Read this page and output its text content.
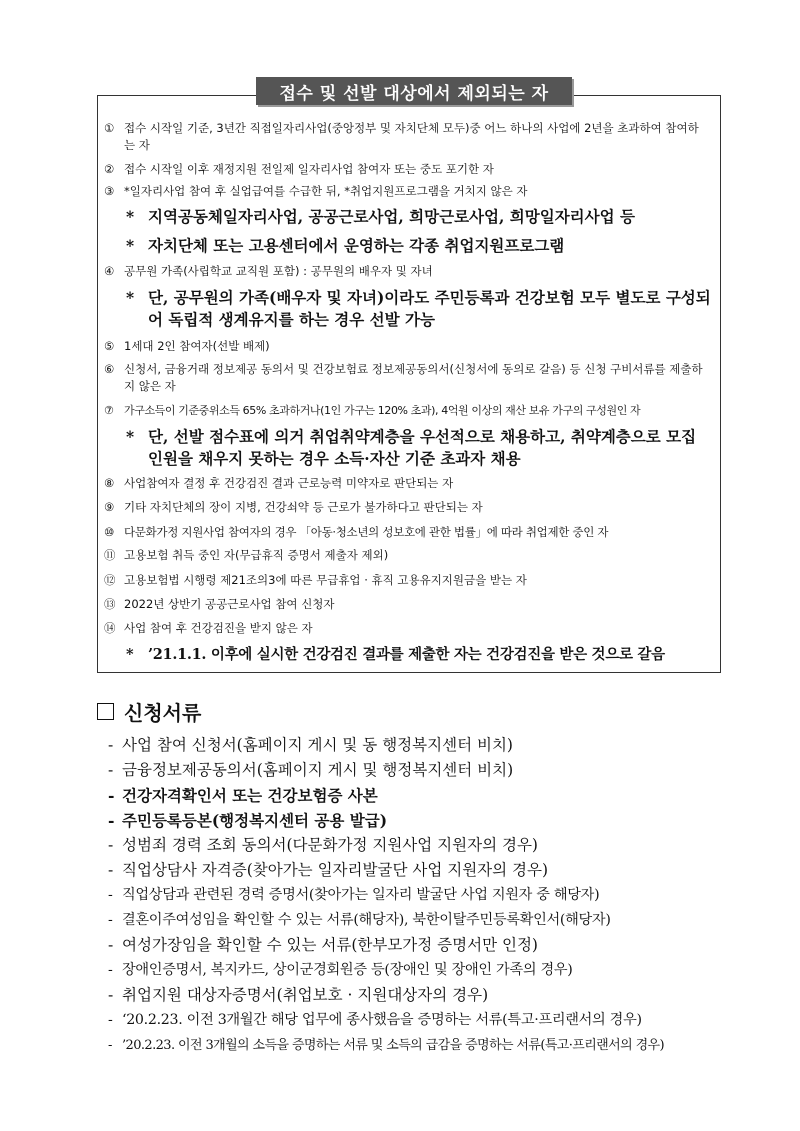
접수 및 선발 대상에서 제외되는 자
① 접수 시작일 기준, 3년간 직접일자리사업(중앙정부 및 자치단체 모두)중 어느 하나의 사업에 2년을 초과하여 참여하는 자
② 접수 시작일 이후 재정지원 전일제 일자리사업 참여자 또는 중도 포기한 자
③ *일자리사업 참여 후 실업급여를 수급한 뒤, *취업지원프로그램을 거치지 않은 자
* 지역공동체일자리사업, 공공근로사업, 희망근로사업, 희망일자리사업 등
* 자치단체 또는 고용센터에서 운영하는 각종 취업지원프로그램
④ 공무원 가족(사립학교 교직원 포함) : 공무원의 배우자 및 자녀
* 단, 공무원의 가족(배우자 및 자녀)이라도 주민등록과 건강보험 모두 별도로 구성되어 독립적 생계유지를 하는 경우 선발 가능
⑤ 1세대 2인 참여자(선발 배제)
⑥ 신청서, 금융거래 정보제공 동의서 및 건강보험료 정보제공동의서(신청서에 동의로 갈음) 등 신청 구비서류를 제출하지 않은 자
⑦ 가구소득이 기준중위소득 65% 초과하거나(1인 가구는 120% 초과), 4억원 이상의 재산 보유 가구의 구성원인 자
* 단, 선발 점수표에 의거 취업취약계층을 우선적으로 채용하고, 취약계층으로 모집 인원을 채우지 못하는 경우 소득·자산 기준 초과자 채용
⑧ 사업참여자 결정 후 건강검진 결과 근로능력 미약자로 판단되는 자
⑨ 기타 자치단체의 장이 지병, 건강쇠약 등 근로가 불가하다고 판단되는 자
⑩ 다문화가정 지원사업 참여자의 경우 「아동·청소년의 성보호에 관한 법률」에 따라 취업제한 중인 자
⑪ 고용보험 취득 중인 자(무급휴직 증명서 제출자 제외)
⑫ 고용보험법 시행령 제21조의3에 따른 무급휴업 · 휴직 고용유지지원금을 받는 자
⑬ 2022년 상반기 공공근로사업 참여 신청자
⑭ 사업 참여 후 건강검진을 받지 않은 자
*	’21.1.1. 이후에 실시한 건강검진 결과를 제출한 자는 건강검진을 받은 것으로 갈음
신청서류
- 사업 참여 신청서(홈페이지 게시 및 동 행정복지센터 비치)
- 금융정보제공동의서(홈페이지 게시 및 행정복지센터 비치)
- 건강자격확인서 또는 건강보험증 사본
- 주민등록등본(행정복지센터 공용 발급)
- 성범죄 경력 조회 동의서(다문화가정 지원사업 지원자의 경우)
- 직업상담사 자격증(찾아가는 일자리발굴단 사업 지원자의 경우)
- 직업상담과 관련된 경력 증명서(찾아가는 일자리 발굴단 사업 지원자 중 해당자)
- 결혼이주여성임을 확인할 수 있는 서류(해당자), 북한이탈주민등록확인서(해당자)
- 여성가장임을 확인할 수 있는 서류(한부모가정 증명서만 인정)
- 장애인증명서, 복지카드, 상이군경회원증 등(장애인 및 장애인 가족의 경우)
- 취업지원 대상자증명서(취업보호 · 지원대상자의 경우)
- ‘20.2.23. 이전 3개월간 해당 업무에 종사했음을 증명하는 서류(특고·프리랜서의 경우)
- ’20.2.23. 이전 3개월의 소득을 증명하는 서류 및 소득의 급감을 증명하는 서류(특고·프리랜서의 경우)
